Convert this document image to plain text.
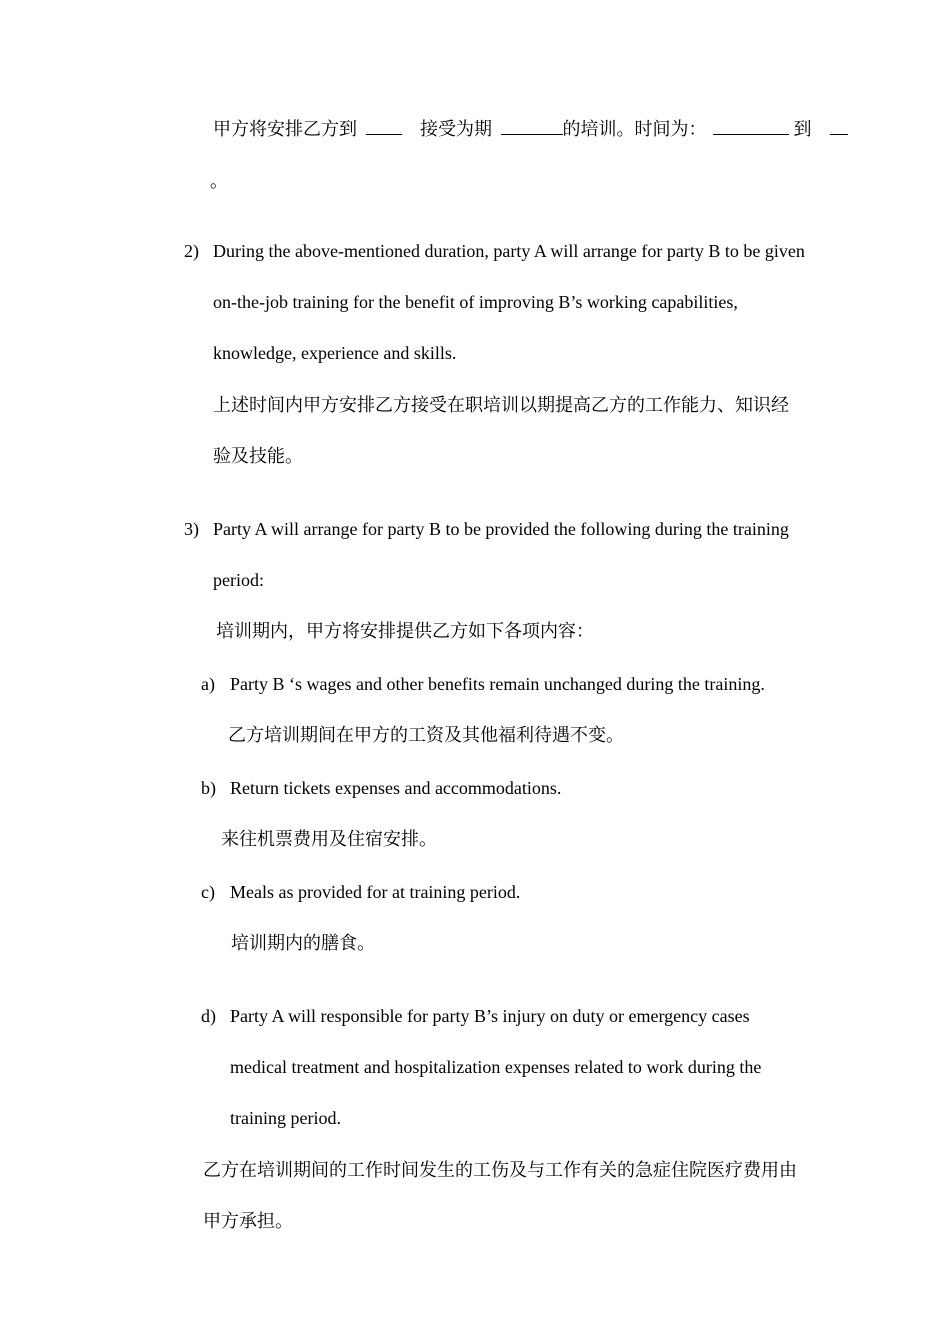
甲方将安排乙方到	接受为期	的培训。时间为：	到
。
2) During the above-mentioned duration, party A will arrange for party B to be given
on-the-job training for the benefit of improving B’s working capabilities,
knowledge, experience and skills.
上述时间内甲方安排乙方接受在职培训以期提高乙方的工作能力、知识经
验及技能。
3) Party A will arrange for party B to be provided the following during the training
period:
培训期内，甲方将安排提供乙方如下各项内容：
a) Party B ‘s wages and other benefits remain unchanged during the training.
乙方培训期间在甲方的工资及其他福利待遇不变。
b) Return tickets expenses and accommodations.
来往机票费用及住宿安排。
c) Meals as provided for at training period.
培训期内的膳食。
d) Party A will responsible for party B’s injury on duty or emergency cases
medical treatment and hospitalization expenses related to work during the
training period.
乙方在培训期间的工作时间发生的工伤及与工作有关的急症住院医疗费用由
甲方承担。
